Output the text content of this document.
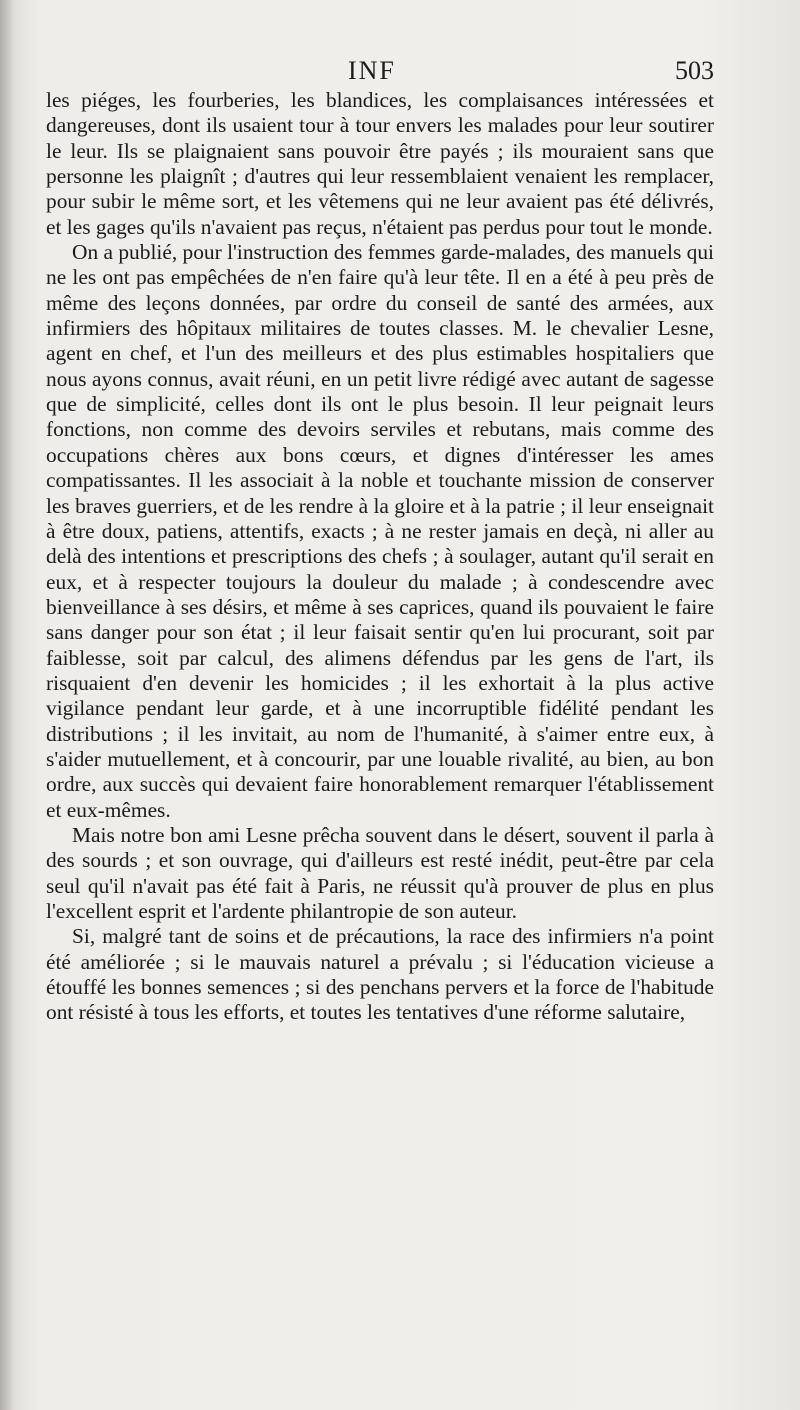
INF	503

les piéges, les fourberies, les blandices, les complaisances intéressées et dangereuses, dont ils usaient tour à tour envers les malades pour leur soutirer le leur. Ils se plaignaient sans pouvoir être payés ; ils mouraient sans que personne les plaignît ; d'autres qui leur ressemblaient venaient les remplacer, pour subir le même sort, et les vêtemens qui ne leur avaient pas été délivrés, et les gages qu'ils n'avaient pas reçus, n'étaient pas perdus pour tout le monde.

On a publié, pour l'instruction des femmes garde-malades, des manuels qui ne les ont pas empêchées de n'en faire qu'à leur tête. Il en a été à peu près de même des leçons données, par ordre du conseil de santé des armées, aux infirmiers des hôpitaux militaires de toutes classes. M. le chevalier Lesne, agent en chef, et l'un des meilleurs et des plus estimables hospitaliers que nous ayons connus, avait réuni, en un petit livre rédigé avec autant de sagesse que de simplicité, celles dont ils ont le plus besoin. Il leur peignait leurs fonctions, non comme des devoirs serviles et rebutans, mais comme des occupations chères aux bons cœurs, et dignes d'intéresser les ames compatissantes. Il les associait à la noble et touchante mission de conserver les braves guerriers, et de les rendre à la gloire et à la patrie ; il leur enseignait à être doux, patiens, attentifs, exacts ; à ne rester jamais en deçà, ni aller au delà des intentions et prescriptions des chefs ; à soulager, autant qu'il serait en eux, et à respecter toujours la douleur du malade ; à condescendre avec bienveillance à ses désirs, et même à ses caprices, quand ils pouvaient le faire sans danger pour son état ; il leur faisait sentir qu'en lui procurant, soit par faiblesse, soit par calcul, des alimens défendus par les gens de l'art, ils risquaient d'en devenir les homicides ; il les exhortait à la plus active vigilance pendant leur garde, et à une incorruptible fidélité pendant les distributions ; il les invitait, au nom de l'humanité, à s'aimer entre eux, à s'aider mutuellement, et à concourir, par une louable rivalité, au bien, au bon ordre, aux succès qui devaient faire honorablement remarquer l'établissement et eux-mêmes.

Mais notre bon ami Lesne prêcha souvent dans le désert, souvent il parla à des sourds ; et son ouvrage, qui d'ailleurs est resté inédit, peut-être par cela seul qu'il n'avait pas été fait à Paris, ne réussit qu'à prouver de plus en plus l'excellent esprit et l'ardente philantropie de son auteur.

Si, malgré tant de soins et de précautions, la race des infirmiers n'a point été améliorée ; si le mauvais naturel a prévalu ; si l'éducation vicieuse a étouffé les bonnes semences ; si des penchans pervers et la force de l'habitude ont résisté à tous les efforts, et toutes les tentatives d'une réforme salutaire,
